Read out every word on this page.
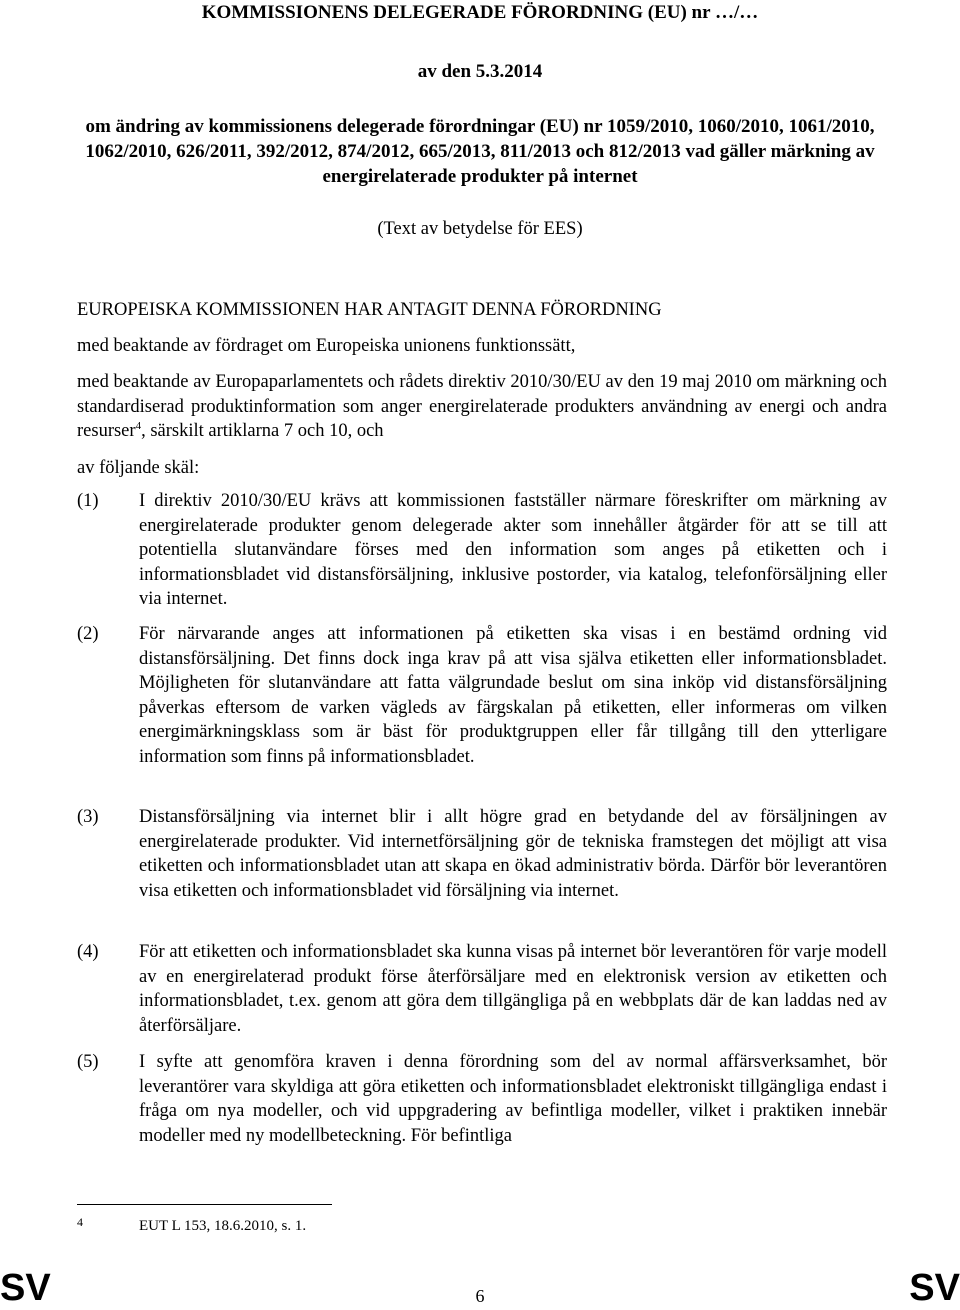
KOMMISSIONENS DELEGERADE FÖRORDNING (EU) nr …/…
av den 5.3.2014
om ändring av kommissionens delegerade förordningar (EU) nr 1059/2010, 1060/2010, 1061/2010, 1062/2010, 626/2011, 392/2012, 874/2012, 665/2013, 811/2013 och 812/2013 vad gäller märkning av energirelaterade produkter på internet
(Text av betydelse för EES)
EUROPEISKA KOMMISSIONEN HAR ANTAGIT DENNA FÖRORDNING
med beaktande av fördraget om Europeiska unionens funktionssätt,
med beaktande av Europaparlamentets och rådets direktiv 2010/30/EU av den 19 maj 2010 om märkning och standardiserad produktinformation som anger energirelaterade produkters användning av energi och andra resurser$^4$, särskilt artiklarna 7 och 10, och
av följande skäl:
(1) I direktiv 2010/30/EU krävs att kommissionen fastställer närmare föreskrifter om märkning av energirelaterade produkter genom delegerade akter som innehåller åtgärder för att se till att potentiella slutanvändare förses med den information som anges på etiketten och i informationsbladet vid distansförsäljning, inklusive postorder, via katalog, telefonförsäljning eller via internet.
(2) För närvarande anges att informationen på etiketten ska visas i en bestämd ordning vid distansförsäljning. Det finns dock inga krav på att visa själva etiketten eller informationsbladet. Möjligheten för slutanvändare att fatta välgrundade beslut om sina inköp vid distansförsäljning påverkas eftersom de varken vägleds av färgskalan på etiketten, eller informeras om vilken energimärkningsklass som är bäst för produktgruppen eller får tillgång till den ytterligare information som finns på informationsbladet.
(3) Distansförsäljning via internet blir i allt högre grad en betydande del av försäljningen av energirelaterade produkter. Vid internetförsäljning gör de tekniska framstegen det möjligt att visa etiketten och informationsbladet utan att skapa en ökad administrativ börda. Därför bör leverantören visa etiketten och informationsbladet vid försäljning via internet.
(4) För att etiketten och informationsbladet ska kunna visas på internet bör leverantören för varje modell av en energirelaterad produkt förse återförsäljare med en elektronisk version av etiketten och informationsbladet, t.ex. genom att göra dem tillgängliga på en webbplats där de kan laddas ned av återförsäljare.
(5) I syfte att genomföra kraven i denna förordning som del av normal affärsverksamhet, bör leverantörer vara skyldiga att göra etiketten och informationsbladet elektroniskt tillgängliga endast i fråga om nya modeller, och vid uppgradering av befintliga modeller, vilket i praktiken innebär modeller med ny modellbeteckning. För befintliga
4	EUT L 153, 18.6.2010, s. 1.
SV	6	SV
